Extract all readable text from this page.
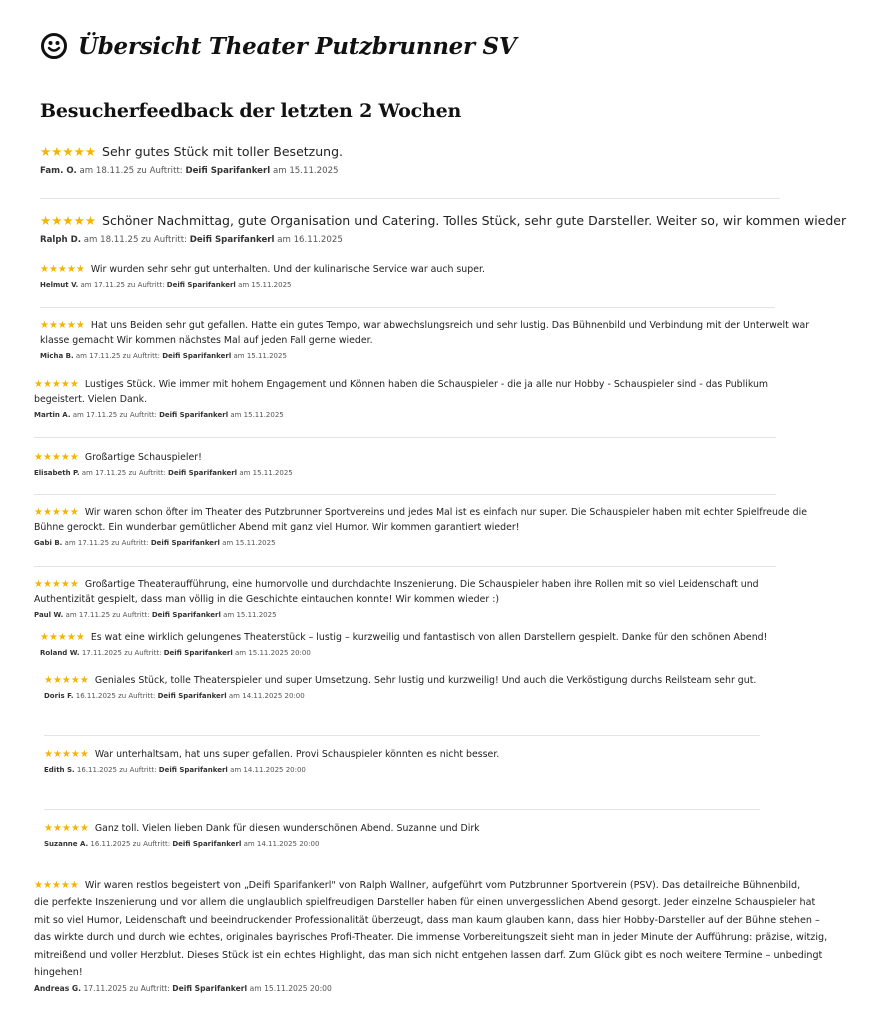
Übersicht Theater Putzbrunner SV
Besucherfeedback der letzten 2 Wochen
★★★★★ Sehr gutes Stück mit toller Besetzung.
Fam. O. am 18.11.25 zu Auftritt: Deifi Sparifankerl am 15.11.2025
★★★★★ Schöner Nachmittag, gute Organisation und Catering. Tolles Stück, sehr gute Darsteller. Weiter so, wir kommen wieder
Ralph D. am 18.11.25 zu Auftritt: Deifi Sparifankerl am 16.11.2025
★★★★★ Wir wurden sehr sehr gut unterhalten. Und der kulinarische Service war auch super.
Helmut V. am 17.11.25 zu Auftritt: Deifi Sparifankerl am 15.11.2025
★★★★★ Hat uns Beiden sehr gut gefallen. Hatte ein gutes Tempo, war abwechslungsreich und sehr lustig. Das Bühnenbild und Verbindung mit der Unterwelt war
klasse gemacht Wir kommen nächstes Mal auf jeden Fall gerne wieder.
Micha B. am 17.11.25 zu Auftritt: Deifi Sparifankerl am 15.11.2025
★★★★★ Lustiges Stück. Wie immer mit hohem Engagement und Können haben die Schauspieler - die ja alle nur Hobby - Schauspieler sind - das Publikum
begeistert. Vielen Dank.
Martin A. am 17.11.25 zu Auftritt: Deifi Sparifankerl am 15.11.2025
★★★★★ Großartige Schauspieler!
Elisabeth P. am 17.11.25 zu Auftritt: Deifi Sparifankerl am 15.11.2025
★★★★★ Wir waren schon öfter im Theater des Putzbrunner Sportvereins und jedes Mal ist es einfach nur super. Die Schauspieler haben mit echter Spielfreude die
Bühne gerockt. Ein wunderbar gemütlicher Abend mit ganz viel Humor. Wir kommen garantiert wieder!
Gabi B. am 17.11.25 zu Auftritt: Deifi Sparifankerl am 15.11.2025
★★★★★ Großartige Theateraufführung, eine humorvolle und durchdachte Inszenierung. Die Schauspieler haben ihre Rollen mit so viel Leidenschaft und
Authentizität gespielt, dass man völlig in die Geschichte eintauchen konnte! Wir kommen wieder :)
Paul W. am 17.11.25 zu Auftritt: Deifi Sparifankerl am 15.11.2025
★★★★★ Es wat eine wirklich gelungenes Theaterstück – lustig – kurzweilig und fantastisch von allen Darstellern gespielt. Danke für den schönen Abend!
Roland W. 17.11.2025 zu Auftritt: Deifi Sparifankerl am 15.11.2025 20:00
★★★★★ Geniales Stück, tolle Theaterspieler und super Umsetzung. Sehr lustig und kurzweilig! Und auch die Verköstigung durchs Reilsteam sehr gut.
Doris F. 16.11.2025 zu Auftritt: Deifi Sparifankerl am 14.11.2025 20:00
★★★★★ War unterhaltsam, hat uns super gefallen. Provi Schauspieler könnten es nicht besser.
Edith S. 16.11.2025 zu Auftritt: Deifi Sparifankerl am 14.11.2025 20:00
★★★★★ Ganz toll. Vielen lieben Dank für diesen wunderschönen Abend. Suzanne und Dirk
Suzanne A. 16.11.2025 zu Auftritt: Deifi Sparifankerl am 14.11.2025 20:00
★★★★★ Wir waren restlos begeistert von „Deifi Sparifankerl" von Ralph Wallner, aufgeführt vom Putzbrunner Sportverein (PSV). Das detailreiche Bühnenbild,
die perfekte Inszenierung und vor allem die unglaublich spielfreudigen Darsteller haben für einen unvergesslichen Abend gesorgt. Jeder einzelne Schauspieler hat
mit so viel Humor, Leidenschaft und beeindruckender Professionalität überzeugt, dass man kaum glauben kann, dass hier Hobby-Darsteller auf der Bühne stehen –
das wirkte durch und durch wie echtes, originales bayrisches Profi-Theater. Die immense Vorbereitungszeit sieht man in jeder Minute der Aufführung: präzise, witzig,
mitreißend und voller Herzblut. Dieses Stück ist ein echtes Highlight, das man sich nicht entgehen lassen darf. Zum Glück gibt es noch weitere Termine – unbedingt
hingehen!
Andreas G. 17.11.2025 zu Auftritt: Deifi Sparifankerl am 15.11.2025 20:00
